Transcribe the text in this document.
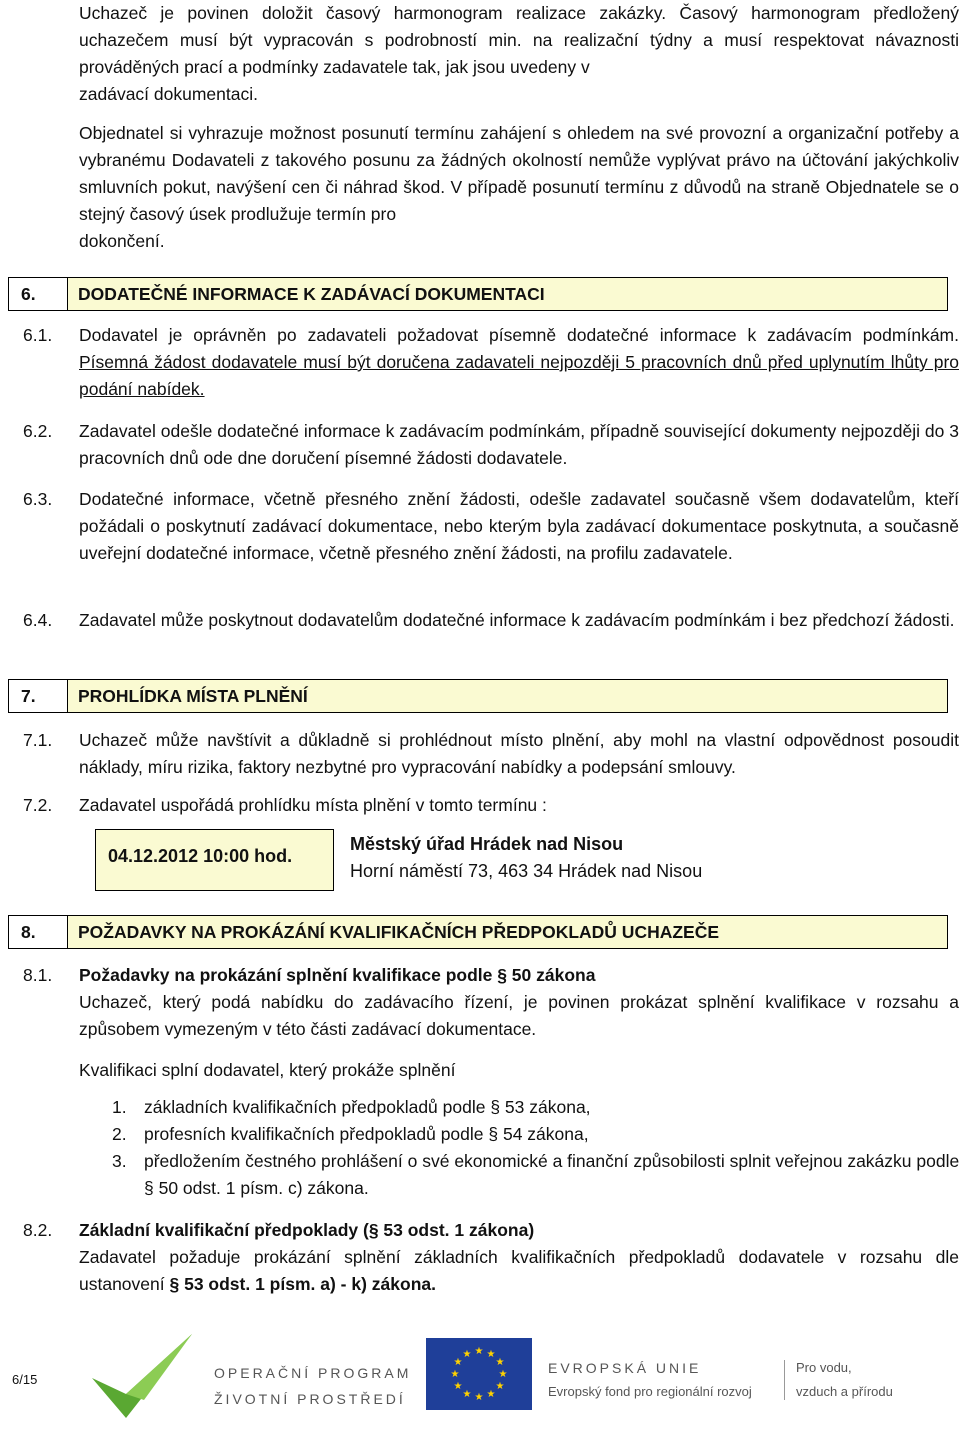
Uchazeč je povinen doložit časový harmonogram realizace zakázky. Časový harmonogram předložený uchazečem musí být vypracován s podrobností min. na realizační týdny a musí respektovat návaznosti prováděných prací a podmínky zadavatele tak, jak jsou uvedeny v
zadávací dokumentaci.
Objednatel si vyhrazuje možnost posunutí termínu zahájení s ohledem na své provozní a organizační potřeby a vybranému Dodavateli z takového posunu za žádných okolností nemůže vyplývat právo na účtování jakýchkoliv smluvních pokut, navýšení cen či náhrad škod. V případě posunutí termínu z důvodů na straně Objednatele se o stejný časový úsek prodlužuje termín pro
dokončení.
6.	DODATEČNÉ INFORMACE K ZADÁVACÍ DOKUMENTACI
6.1. Dodavatel je oprávněn po zadavateli požadovat písemně dodatečné informace k zadávacím podmínkám. Písemná žádost dodavatele musí být doručena zadavateli nejpozději 5 pracovních dnů před uplynutím lhůty pro podání nabídek.
6.2. Zadavatel odešle dodatečné informace k zadávacím podmínkám, případně související dokumenty nejpozději do 3 pracovních dnů ode dne doručení písemné žádosti dodavatele.
6.3. Dodatečné informace, včetně přesného znění žádosti, odešle zadavatel současně všem dodavatelům, kteří požádali o poskytnutí zadávací dokumentace, nebo kterým byla zadávací dokumentace poskytnuta, a současně uveřejní dodatečné informace, včetně přesného znění žádosti, na profilu zadavatele.
6.4. Zadavatel může poskytnout dodavatelům dodatečné informace k zadávacím podmínkám i bez předchozí žádosti.
7.	PROHLÍDKA MÍSTA PLNĚNÍ
7.1. Uchazeč může navštívit a důkladně si prohlédnout místo plnění, aby mohl na vlastní odpovědnost posoudit náklady, míru rizika, faktory nezbytné pro vypracování nabídky a podepsání smlouvy.
7.2. Zadavatel uspořádá prohlídku místa plnění v tomto termínu :
04.12.2012 10:00 hod.
Městský úřad Hrádek nad Nisou
Horní náměstí 73, 463 34 Hrádek nad Nisou
8.	POŽADAVKY NA PROKÁZÁNÍ KVALIFIKAČNÍCH PŘEDPOKLADŮ UCHAZEČE
8.1. Požadavky na prokázání splnění kvalifikace podle § 50 zákona
Uchazeč, který podá nabídku do zadávacího řízení, je povinen prokázat splnění kvalifikace v rozsahu a způsobem vymezeným v této části zadávací dokumentace.
Kvalifikaci splní dodavatel, který prokáže splnění
1. základních kvalifikačních předpokladů podle § 53 zákona,
2. profesních kvalifikačních předpokladů podle § 54 zákona,
3. předložením čestného prohlášení o své ekonomické a finanční způsobilosti splnit veřejnou zakázku podle § 50 odst. 1 písm. c) zákona.
8.2. Základní kvalifikační předpoklady (§ 53 odst. 1 zákona)
Zadavatel požaduje prokázání splnění základních kvalifikačních předpokladů dodavatele v rozsahu dle ustanovení § 53 odst. 1 písm. a) - k) zákona.
6/15	OPERAČNÍ PROGRAM
ŽIVOTNÍ PROSTŘEDÍ
★ ★
★
★
★
★
★
★
★
★
★
★
EVROPSKÁ UNIE
Evropský fond pro regionální rozvoj
Pro vodu,
vzduch a přírodu
